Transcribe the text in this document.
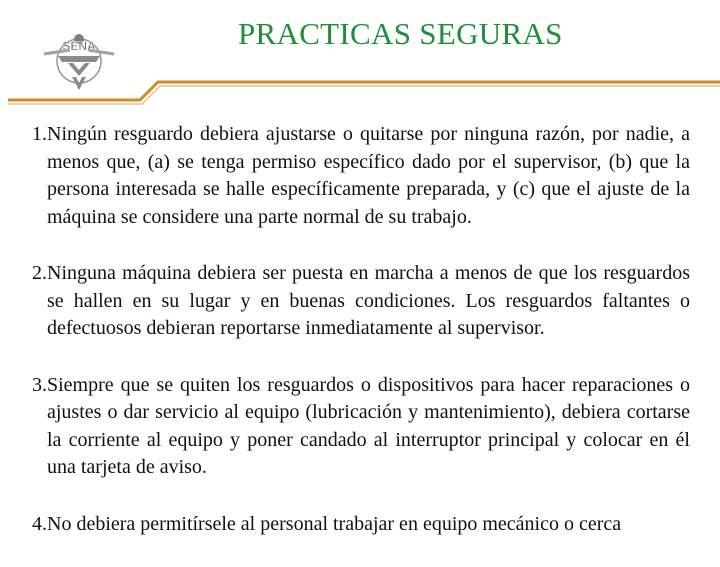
SENA	PRACTICAS SEGURAS
1. Ningún resguardo debiera ajustarse o quitarse por ninguna razón, por nadie, a menos que, (a) se tenga permiso específico dado por el supervisor, (b) que la persona interesada se halle específicamente preparada, y (c) que el ajuste de la máquina se considere una parte normal de su trabajo.
2. Ninguna máquina debiera ser puesta en marcha a menos de que los resguardos se hallen en su lugar y en buenas condiciones. Los resguardos faltantes o defectuosos debieran reportarse inmediatamente al supervisor.
3. Siempre que se quiten los resguardos o dispositivos para hacer reparaciones o ajustes o dar servicio al equipo (lubricación y mantenimiento), debiera cortarse la corriente al equipo y poner candado al interruptor principal y colocar en él una tarjeta de aviso.
4. No debiera permitírsele al personal trabajar en equipo mecánico o cerca
